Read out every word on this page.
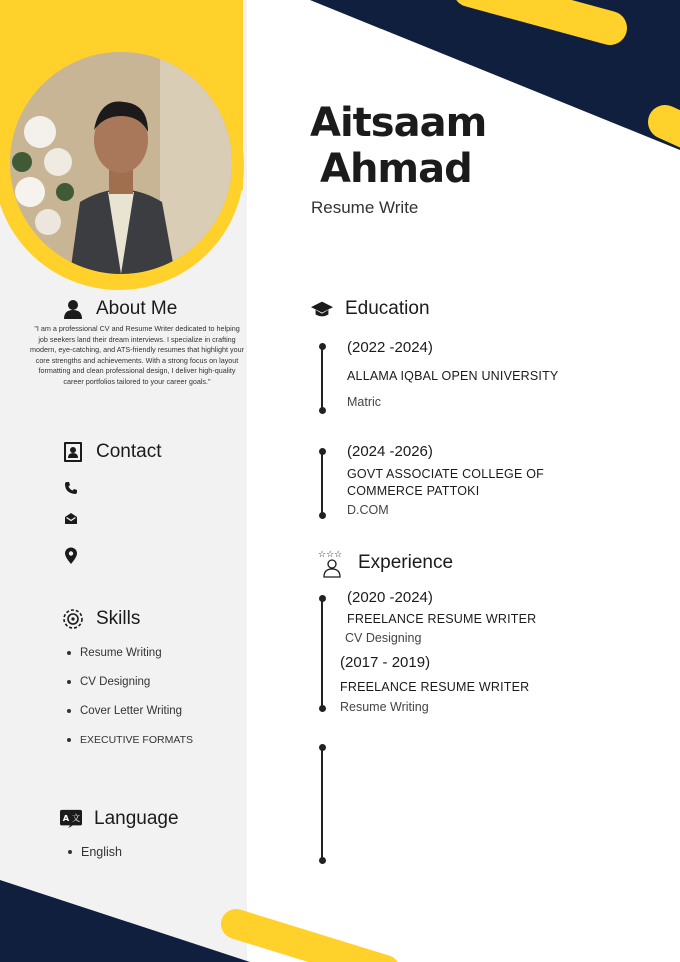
Aitsaam
Ahmad
Resume Write
About Me
"I am a professional CV and Resume Writer dedicated to helping job seekers land their dream interviews. I specialize in crafting modern, eye-catching, and ATS-friendly resumes that highlight your core strengths and achievements. With a strong focus on layout formatting and clean professional design, I deliver high-quality career portfolios tailored to your career goals."
Contact
Skills
Resume Writing
CV Designing
Cover Letter Writing
EXECUTIVE FORMATS
A 文 Language
English
Education
(2022 -2024)
ALLAMA IQBAL OPEN UNIVERSITY
Matric
(2024 -2026)
GOVT ASSOCIATE COLLEGE OF
COMMERCE PATTOKI
D.COM
☆☆☆ Experience
(2020 -2024)
FREELANCE RESUME WRITER
CV Designing
(2017 - 2019)
FREELANCE RESUME WRITER
Resume Writing
